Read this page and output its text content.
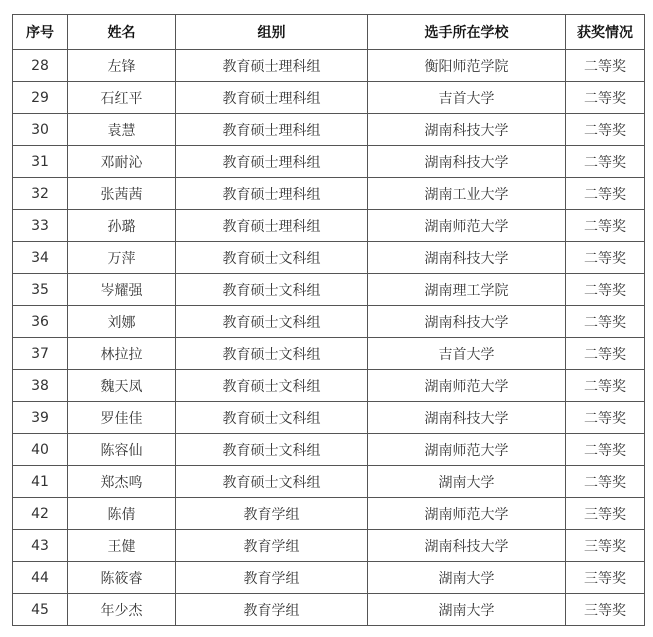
序号	姓名	组别	选手所在学校	获奖情况
28	左锋	教育硕士理科组	衡阳师范学院	二等奖
29	石红平	教育硕士理科组	吉首大学	二等奖
30	袁慧	教育硕士理科组	湖南科技大学	二等奖
31	邓耐沁	教育硕士理科组	湖南科技大学	二等奖
32	张茜茜	教育硕士理科组	湖南工业大学	二等奖
33	孙璐	教育硕士理科组	湖南师范大学	二等奖
34	万萍	教育硕士文科组	湖南科技大学	二等奖
35	岑耀强	教育硕士文科组	湖南理工学院	二等奖
36	刘娜	教育硕士文科组	湖南科技大学	二等奖
37	林拉拉	教育硕士文科组	吉首大学	二等奖
38	魏天凤	教育硕士文科组	湖南师范大学	二等奖
39	罗佳佳	教育硕士文科组	湖南科技大学	二等奖
40	陈容仙	教育硕士文科组	湖南师范大学	二等奖
41	郑杰鸣	教育硕士文科组	湖南大学	二等奖
42	陈倩	教育学组	湖南师范大学	三等奖
43	王健	教育学组	湖南科技大学	三等奖
44	陈筱睿	教育学组	湖南大学	三等奖
45	年少杰	教育学组	湖南大学	三等奖
